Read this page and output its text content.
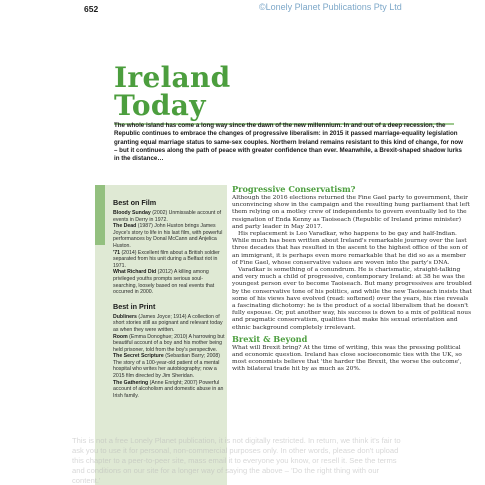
652	©Lonely Planet Publications Pty Ltd
Ireland
Today
The whole island has come a long way since the dawn of the new millennium. In and out of a deep recession, the Republic continues to embrace the changes of progressive liberalism: in 2015 it passed marriage-equality legislation granting equal marriage status to same-sex couples. Northern Ireland remains resistant to this kind of change, for now – but it continues along the path of peace with greater confidence than ever. Meanwhile, a Brexit-shaped shadow lurks in the distance…
Best on Film
Bloody Sunday (2002) Unmissable account of events in Derry in 1972.
The Dead (1987) John Huston brings James Joyce's story to life in his last film, with powerful performances by Donal McCann and Anjelica Huston.
'71 (2014) Excellent film about a British soldier separated from his unit during a Belfast riot in 1971.
What Richard Did (2012) A killing among privileged youths prompts serious soul-searching, loosely based on real events that occurred in 2000.
Best in Print
Dubliners (James Joyce; 1914) A collection of short stories still as poignant and relevant today as when they were written.
Room (Emma Donoghue; 2010) A harrowing but beautiful account of a boy and his mother being held prisoner, told from the boy's perspective.
The Secret Scripture (Sebastian Barry; 2008) The story of a 100-year-old patient of a mental hospital who writes her autobiography; now a 2015 film directed by Jim Sheridan.
The Gathering (Anne Enright; 2007) Powerful account of alcoholism and domestic abuse in an Irish family.
Progressive Conservatism?

Although the 2016 elections returned the Fine Gael party to government, their unconvincing show in the campaign and the resulting hung parliament that left them relying on a motley crew of independents to govern eventually led to the resignation of Enda Kenny as Taoiseach (Republic of Ireland prime minister) and party leader in May 2017.

His replacement is Leo Varadkar, who happens to be gay and half-Indian. While much has been written about Ireland's remarkable journey over the last three decades that has resulted in the ascent to the highest office of the son of an immigrant, it is perhaps even more remarkable that he did so as a member of Fine Gael, whose conservative values are woven into the party's DNA.

Varadkar is something of a conundrum. He is charismatic, straight-talking and very much a child of progressive, contemporary Ireland: at 38 he was the youngest person ever to become Taoiseach. But many progressives are troubled by the conservative tone of his politics, and while the new Taoiseach insists that some of his views have evolved (read: softened) over the years, his rise reveals a fascinating dichotomy: he is the product of a social liberalism that he doesn't fully espouse. Or, put another way, his success is down to a mix of political nous and pragmatic conservatism, qualities that make his sexual orientation and ethnic background completely irrelevant.

Brexit & Beyond

What will Brexit bring? At the time of writing, this was the pressing political and economic question. Ireland has close socioeconomic ties with the UK, so most economists believe that 'the harder the Brexit, the worse the outcome', with bilateral trade hit by as much as 20%.

This is not a free Lonely Planet publication, it is not digitally restricted. In return, we think it's fair to ask you to use it for personal, non-commercial purposes only. In other words, please don't upload this chapter to a peer-to-peer site, mass email it to everyone you know, or resell it. See the terms and conditions on our site for a longer way of saying the above – 'Do the right thing with our content.'
